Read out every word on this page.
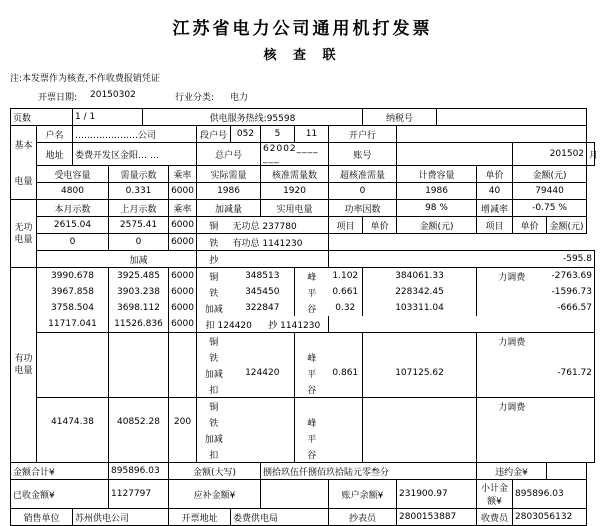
江苏省电力公司通用机打发票
核 查 联
注:本发票作为核查,不作收费报销凭证
开票日期: 20150302	行业分类: 电力
页数		1 / 1		供电服务热线:95598							纳税号						
基本	户名	…………………公司				段户号	052	5	11	开户行							
	地址	娄费开发区金阳… …				总户号		62002____ ___		账号					201502		月
电量	受电容量		需量示数		乘率	实际需量		核准需量数		超核准需量		计费容量		单价	金额(元)		
	4800		0.331		6000	1986		1920		0		1986		40	79440		
无功
电量	本月示数		上月示数		乘率	加减量		实用电量		功率因数		98 %		增减率	-0.75 %		
	2615.04		2575.41		6000	铜	无功总 237780			项目	单价	金额(元)		项目	单价	金额(元)	
	0		0		6000	铁	有功总 1141230										
			加减			抄									-595.8		
有功
电量	3990.678		3925.485		6000	铜	348513		峰	1.102	384061.33			力调费		-2763.69	
	3967.858		3903.238		6000	铁	345450		平	0.661	228342.45					-1596.73	
	3758.504		3698.112		6000	加减	322847		谷	0.32	103311.04					-666.57	
	11717.041		11526.836		6000	扣 124420		抄 1141230									
						铜								力调费			
						铁			峰								
						加减	124420		平	0.861	107125.62					-761.72	
						扣			谷								
						铜								力调费			
	41474.38		40852.28		200	铁			峰								
						加减			平								
						扣			谷								
金额合计¥			895896.03		金额(大写)			捌拾玖伍仟捌佰玖拾陆元零叁分						违约金¥			
已收金额¥			1127797		应补金额¥					账户余额¥		231900.97		小计金额¥	895896.03		
销售单位		苏州供电公司			开票地址		娄费供电局			抄表员		2800153887		收费员	2803056132		
